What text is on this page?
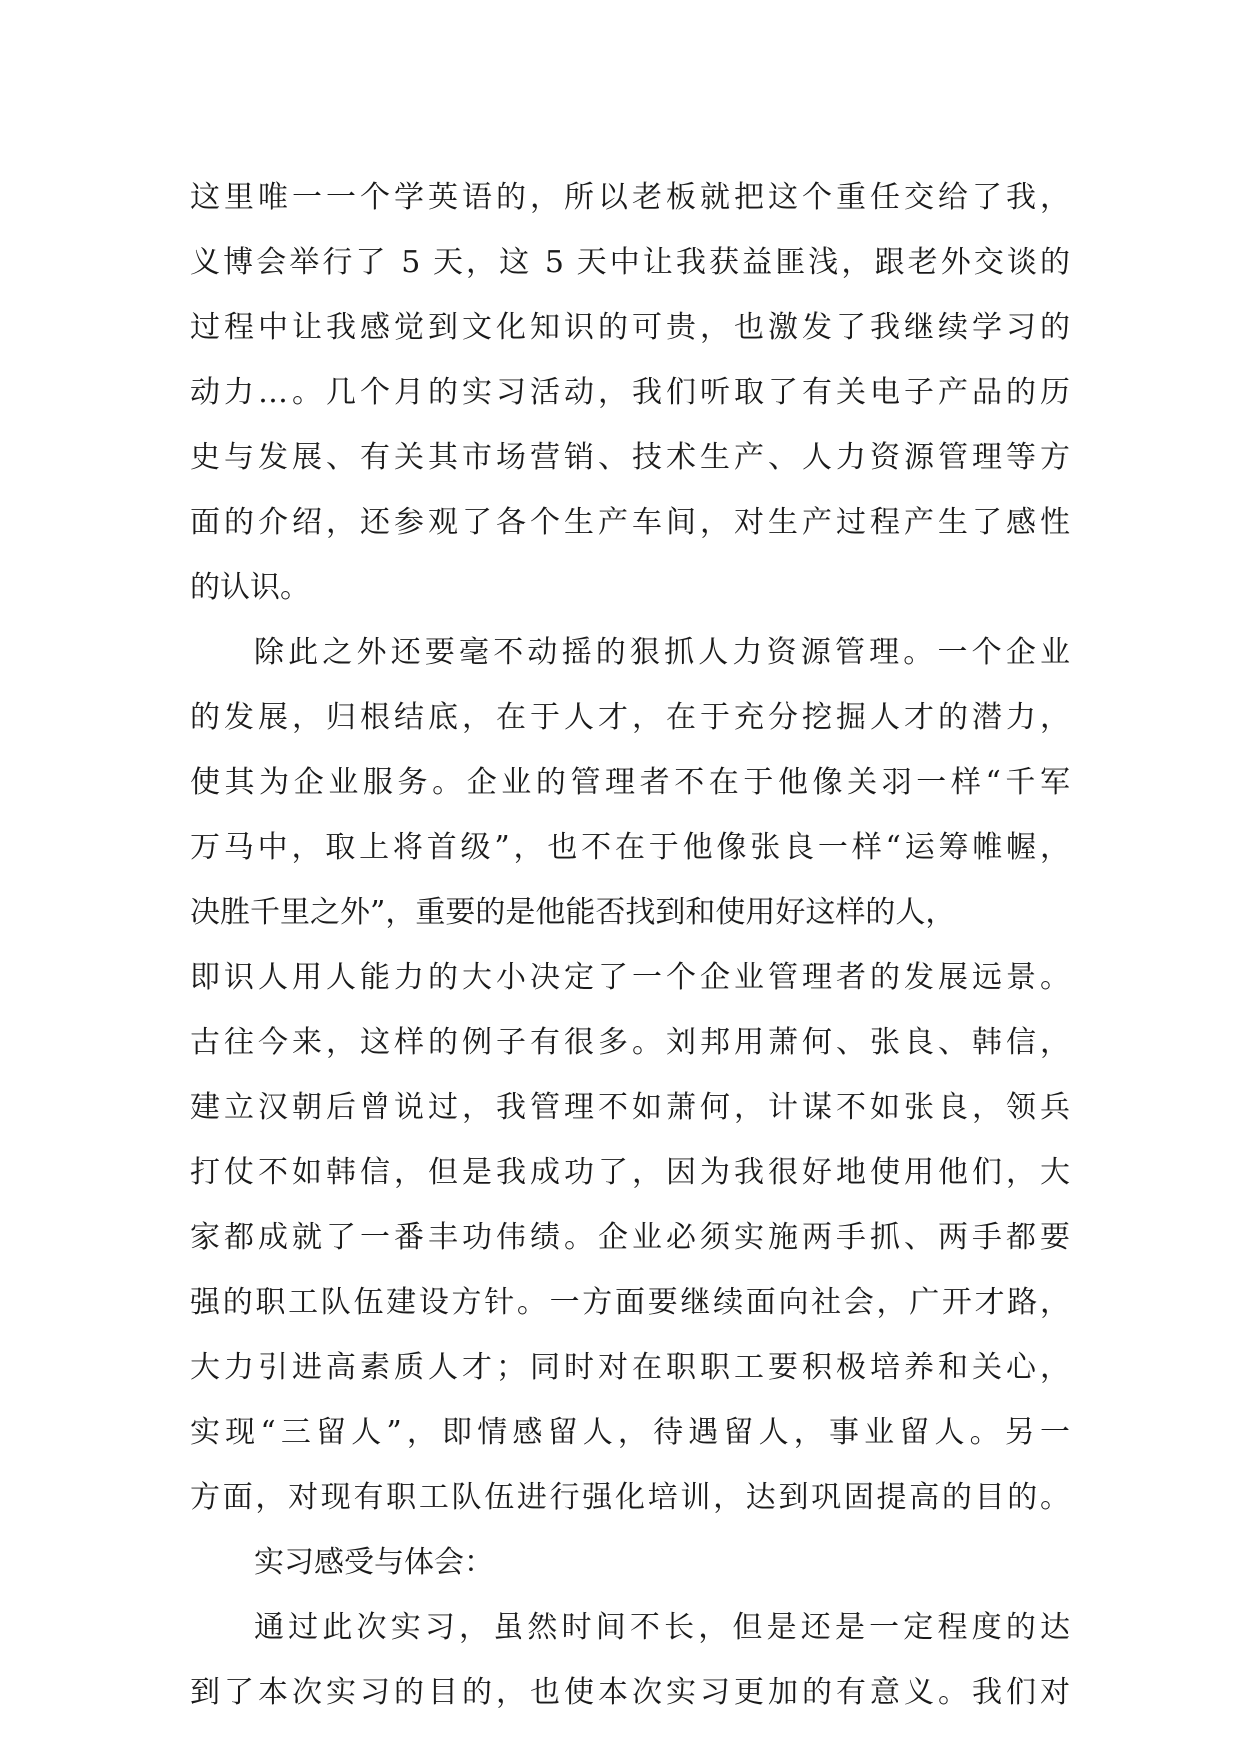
这里唯一一个学英语的，所以老板就把这个重任交给了我，
义博会举行了 5 天，这 5 天中让我获益匪浅，跟老外交谈的
过程中让我感觉到文化知识的可贵，也激发了我继续学习的
动力…。几个月的实习活动，我们听取了有关电子产品的历
史与发展、有关其市场营销、技术生产、人力资源管理等方
面的介绍，还参观了各个生产车间，对生产过程产生了感性
的认识。
除此之外还要毫不动摇的狠抓人力资源管理。一个企业
的发展，归根结底，在于人才，在于充分挖掘人才的潜力，
使其为企业服务。企业的管理者不在于他像关羽一样“千军
万马中，取上将首级”，也不在于他像张良一样“运筹帷幄，
决胜千里之外”，重要的是他能否找到和使用好这样的人，
即识人用人能力的大小决定了一个企业管理者的发展远景。
古往今来，这样的例子有很多。刘邦用萧何、张良、韩信，
建立汉朝后曾说过，我管理不如萧何，计谋不如张良，领兵
打仗不如韩信，但是我成功了，因为我很好地使用他们，大
家都成就了一番丰功伟绩。企业必须实施两手抓、两手都要
强的职工队伍建设方针。一方面要继续面向社会，广开才路，
大力引进高素质人才；同时对在职职工要积极培养和关心，
实现“三留人”，即情感留人，待遇留人，事业留人。另一
方面，对现有职工队伍进行强化培训，达到巩固提高的目的。
实习感受与体会：
通过此次实习，虽然时间不长，但是还是一定程度的达
到了本次实习的目的，也使本次实习更加的有意义。我们对
